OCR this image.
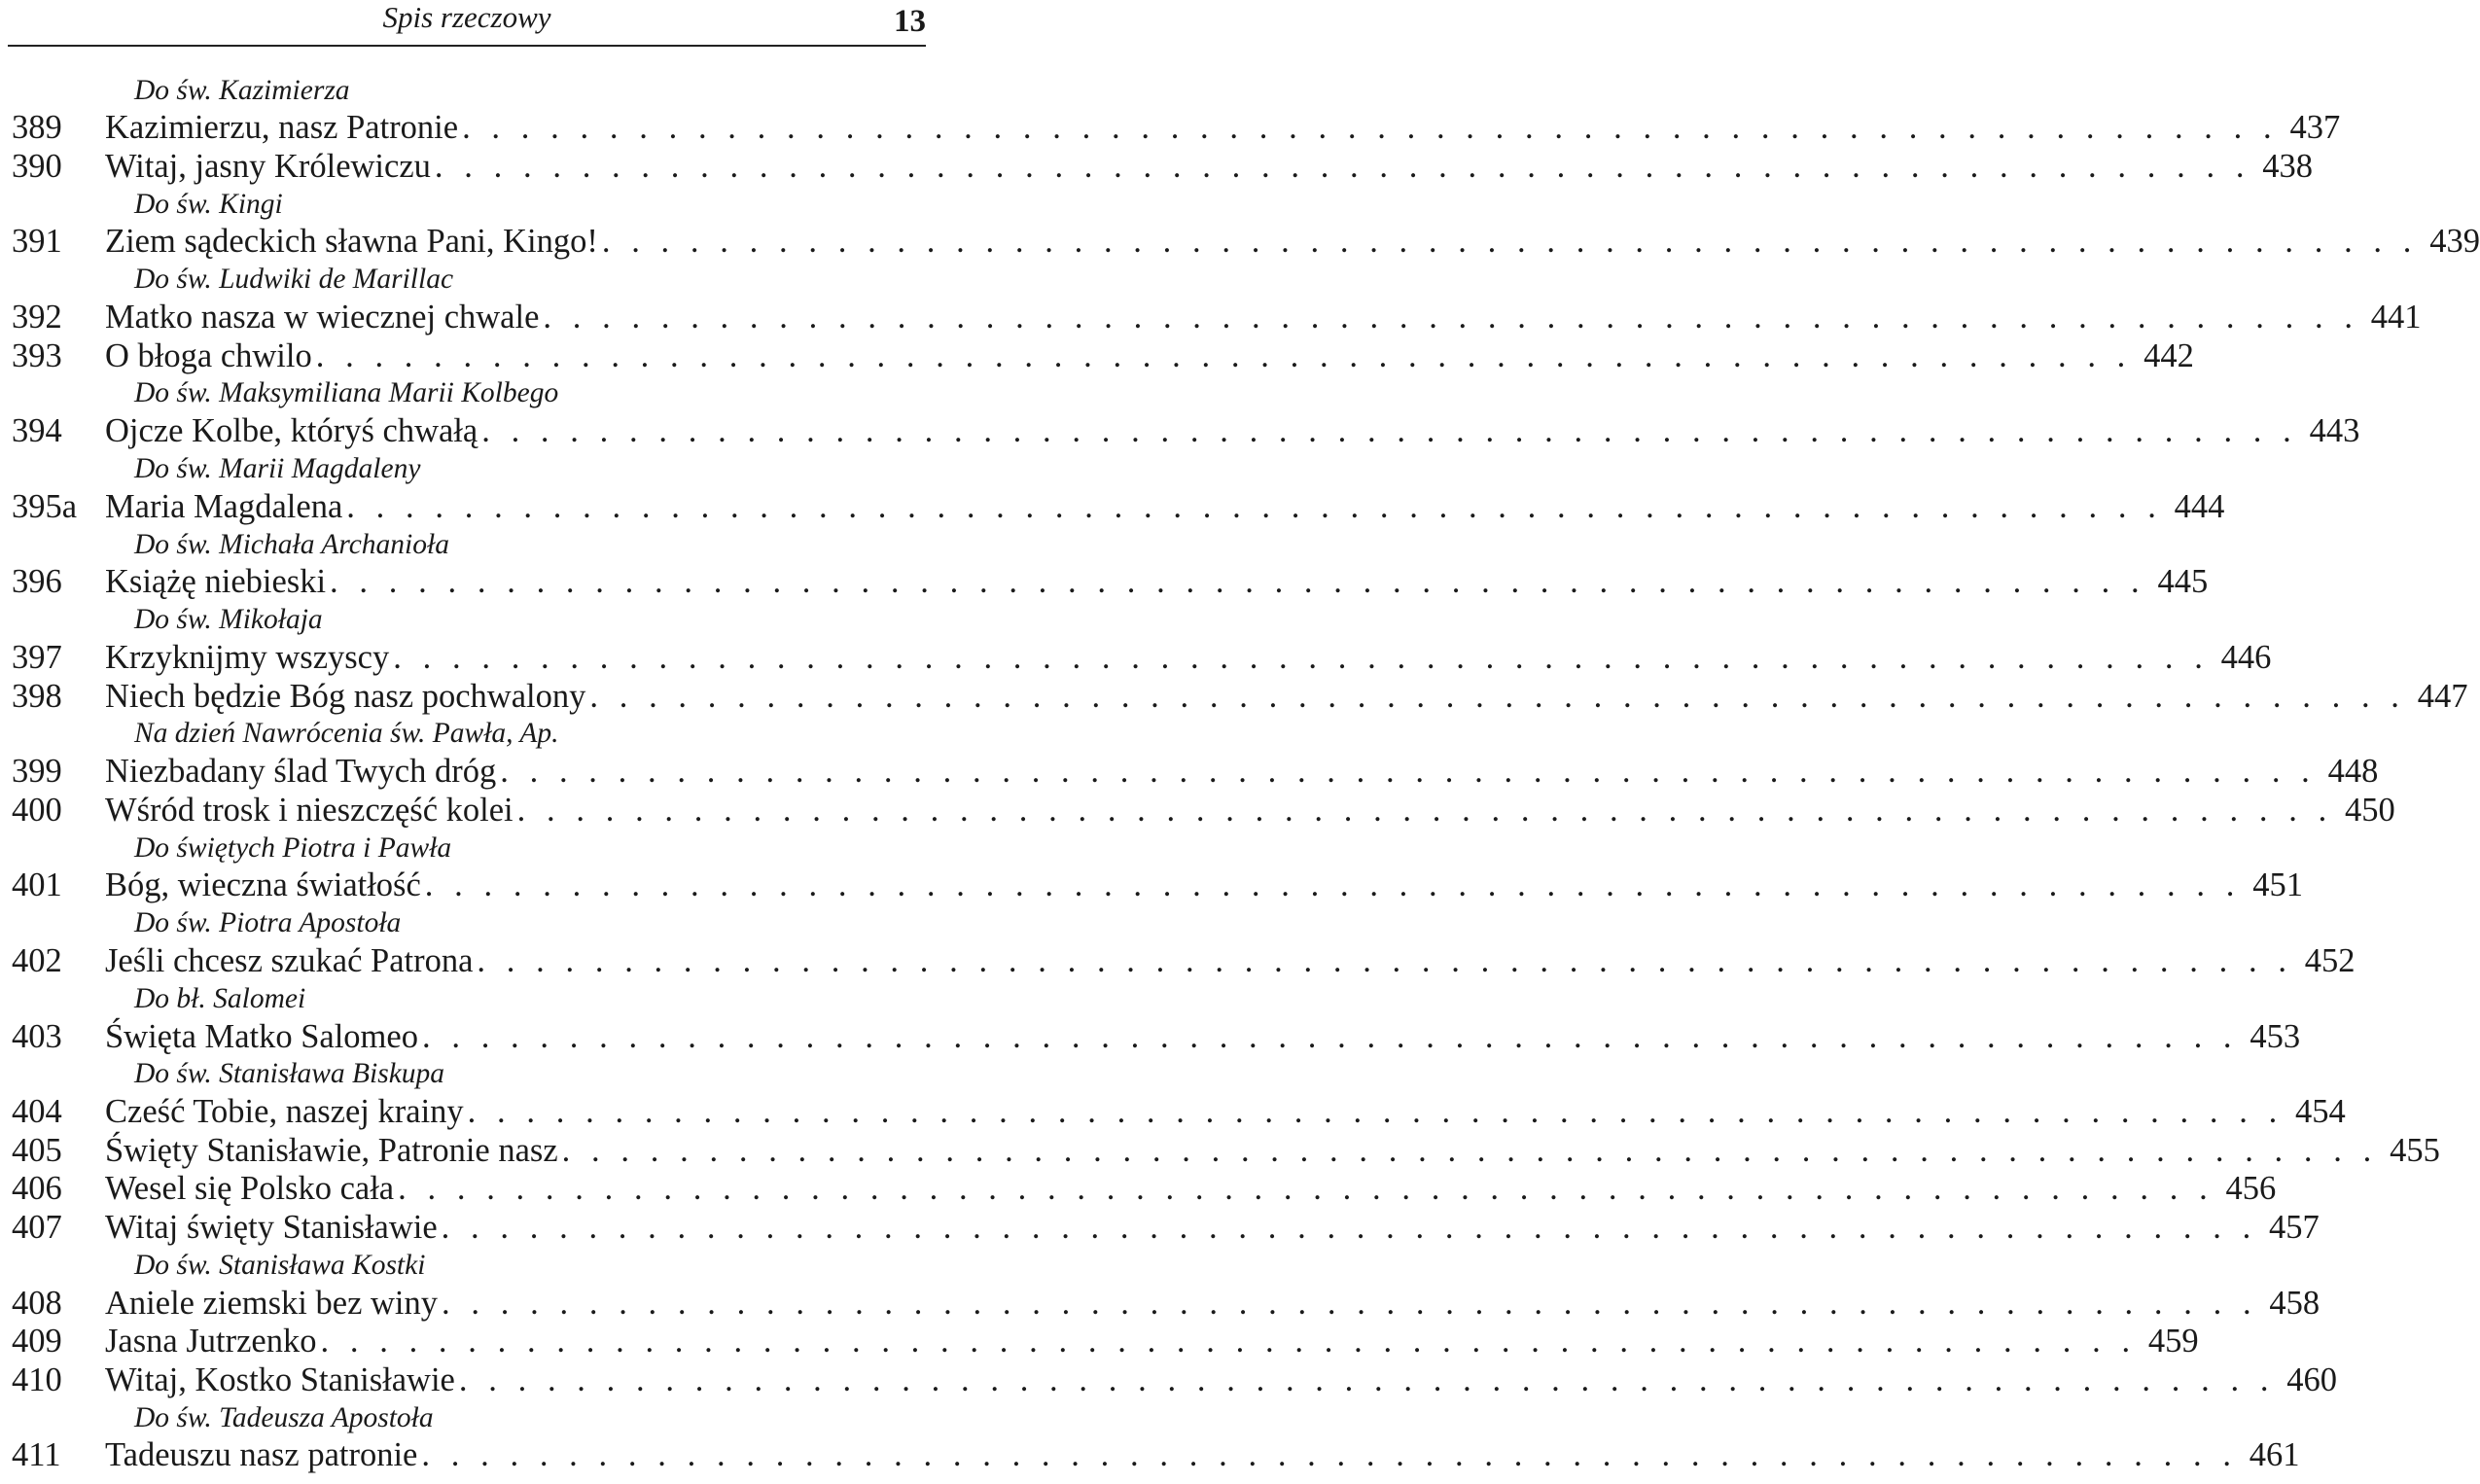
Spis rzeczowy	13
Do św. Kazimierza
389	Kazimierzu, nasz Patronie . . . . . . . . . . . . . . . . . . . . . . . . . . . . . . . . . . . . . . . . . . . . . . . . . . . . . . . . . . . . . . 437
390	Witaj, jasny Królewiczu . . . . . . . . . . . . . . . . . . . . . . . . . . . . . . . . . . . . . . . . . . . . . . . . . . . . . . . . . . . . . . 438
Do św. Kingi
391	Ziem sądeckich sławna Pani, Kingo! . . . . . . . . . . . . . . . . . . . . . . . . . . . . . . . . . . . . . . . . . . . . . . . . . . . . . . . . . . . . . . 439
Do św. Ludwiki de Marillac
392	Matko nasza w wiecznej chwale . . . . . . . . . . . . . . . . . . . . . . . . . . . . . . . . . . . . . . . . . . . . . . . . . . . . . . . . . . . . . . 441
393	O błoga chwilo . . . . . . . . . . . . . . . . . . . . . . . . . . . . . . . . . . . . . . . . . . . . . . . . . . . . . . . . . . . . . . 442
Do św. Maksymiliana Marii Kolbego
394	Ojcze Kolbe, któryś chwałą . . . . . . . . . . . . . . . . . . . . . . . . . . . . . . . . . . . . . . . . . . . . . . . . . . . . . . . . . . . . . . 443
Do św. Marii Magdaleny
395a Maria Magdalena . . . . . . . . . . . . . . . . . . . . . . . . . . . . . . . . . . . . . . . . . . . . . . . . . . . . . . . . . . . . . . 444
Do św. Michała Archanioła
396	Książę niebieski . . . . . . . . . . . . . . . . . . . . . . . . . . . . . . . . . . . . . . . . . . . . . . . . . . . . . . . . . . . . . . 445
Do św. Mikołaja
397	Krzyknijmy wszyscy . . . . . . . . . . . . . . . . . . . . . . . . . . . . . . . . . . . . . . . . . . . . . . . . . . . . . . . . . . . . . . 446
398	Niech będzie Bóg nasz pochwalony . . . . . . . . . . . . . . . . . . . . . . . . . . . . . . . . . . . . . . . . . . . . . . . . . . . . . . . . . . . . . . 447
Na dzień Nawrócenia św. Pawła, Ap.
399	Niezbadany ślad Twych dróg . . . . . . . . . . . . . . . . . . . . . . . . . . . . . . . . . . . . . . . . . . . . . . . . . . . . . . . . . . . . . . 448
400	Wśród trosk i nieszczęść kolei . . . . . . . . . . . . . . . . . . . . . . . . . . . . . . . . . . . . . . . . . . . . . . . . . . . . . . . . . . . . . . 450
Do świętych Piotra i Pawła
401	Bóg, wieczna światłość . . . . . . . . . . . . . . . . . . . . . . . . . . . . . . . . . . . . . . . . . . . . . . . . . . . . . . . . . . . . . . 451
Do św. Piotra Apostoła
402	Jeśli chcesz szukać Patrona . . . . . . . . . . . . . . . . . . . . . . . . . . . . . . . . . . . . . . . . . . . . . . . . . . . . . . . . . . . . . . 452
Do bł. Salomei
403	Święta Matko Salomeo . . . . . . . . . . . . . . . . . . . . . . . . . . . . . . . . . . . . . . . . . . . . . . . . . . . . . . . . . . . . . . 453
Do św. Stanisława Biskupa
404	Cześć Tobie, naszej krainy . . . . . . . . . . . . . . . . . . . . . . . . . . . . . . . . . . . . . . . . . . . . . . . . . . . . . . . . . . . . . . 454
405	Święty Stanisławie, Patronie nasz . . . . . . . . . . . . . . . . . . . . . . . . . . . . . . . . . . . . . . . . . . . . . . . . . . . . . . . . . . . . . . 455
406	Wesel się Polsko cała . . . . . . . . . . . . . . . . . . . . . . . . . . . . . . . . . . . . . . . . . . . . . . . . . . . . . . . . . . . . . . 456
407	Witaj święty Stanisławie . . . . . . . . . . . . . . . . . . . . . . . . . . . . . . . . . . . . . . . . . . . . . . . . . . . . . . . . . . . . . . 457
Do św. Stanisława Kostki
408	Aniele ziemski bez winy . . . . . . . . . . . . . . . . . . . . . . . . . . . . . . . . . . . . . . . . . . . . . . . . . . . . . . . . . . . . . . 458
409	Jasna Jutrzenko . . . . . . . . . . . . . . . . . . . . . . . . . . . . . . . . . . . . . . . . . . . . . . . . . . . . . . . . . . . . . . 459
410	Witaj, Kostko Stanisławie . . . . . . . . . . . . . . . . . . . . . . . . . . . . . . . . . . . . . . . . . . . . . . . . . . . . . . . . . . . . . . 460
Do św. Tadeusza Apostoła
411	Tadeuszu nasz patronie . . . . . . . . . . . . . . . . . . . . . . . . . . . . . . . . . . . . . . . . . . . . . . . . . . . . . . . . . . . . . . 461
